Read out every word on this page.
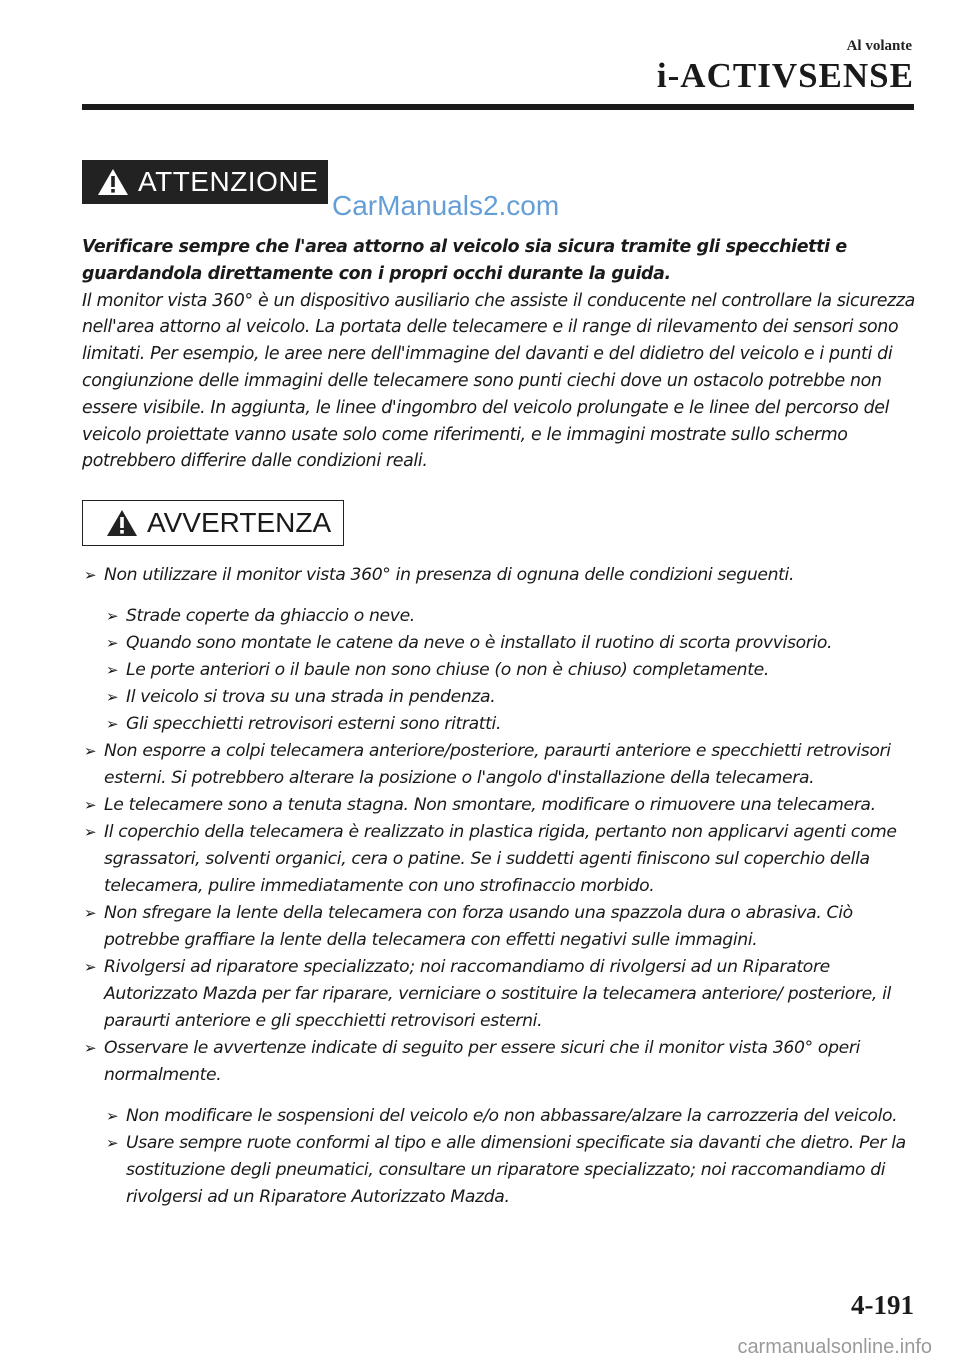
Al volante
i-ACTIVSENSE
ATTENZIONE
CarManuals2.com

Verificare sempre che l'area attorno al veicolo sia sicura tramite gli specchietti e guardandola direttamente con i propri occhi durante la guida.

Il monitor vista 360° è un dispositivo ausiliario che assiste il conducente nel controllare la sicurezza nell'area attorno al veicolo. La portata delle telecamere e il range di rilevamento dei sensori sono limitati. Per esempio, le aree nere dell'immagine del davanti e del didietro del veicolo e i punti di congiunzione delle immagini delle telecamere sono punti ciechi dove un ostacolo potrebbe non essere visibile. In aggiunta, le linee d'ingombro del veicolo prolungate e le linee del percorso del veicolo proiettate vanno usate solo come riferimenti, e le immagini mostrate sullo schermo potrebbero differire dalle condizioni reali.

AVVERTENZA
➢ Non utilizzare il monitor vista 360° in presenza di ognuna delle condizioni seguenti.
➢ Strade coperte da ghiaccio o neve.
➢ Quando sono montate le catene da neve o è installato il ruotino di scorta provvisorio.
➢ Le porte anteriori o il baule non sono chiuse (o non è chiuso) completamente.
➢ Il veicolo si trova su una strada in pendenza.
➢ Gli specchietti retrovisori esterni sono ritratti.
➢ Non esporre a colpi telecamera anteriore/posteriore, paraurti anteriore e specchietti retrovisori esterni. Si potrebbero alterare la posizione o l'angolo d'installazione della telecamera.
➢ Le telecamere sono a tenuta stagna. Non smontare, modificare o rimuovere una telecamera.
➢ Il coperchio della telecamera è realizzato in plastica rigida, pertanto non applicarvi agenti come sgrassatori, solventi organici, cera o patine. Se i suddetti agenti finiscono sul coperchio della telecamera, pulire immediatamente con uno strofinaccio morbido.
➢ Non sfregare la lente della telecamera con forza usando una spazzola dura o abrasiva. Ciò potrebbe graffiare la lente della telecamera con effetti negativi sulle immagini.
➢ Rivolgersi ad riparatore specializzato; noi raccomandiamo di rivolgersi ad un Riparatore Autorizzato Mazda per far riparare, verniciare o sostituire la telecamera anteriore/ posteriore, il paraurti anteriore e gli specchietti retrovisori esterni.
➢ Osservare le avvertenze indicate di seguito per essere sicuri che il monitor vista 360° operi normalmente.
➢ Non modificare le sospensioni del veicolo e/o non abbassare/alzare la carrozzeria del veicolo.
➢ Usare sempre ruote conformi al tipo e alle dimensioni specificate sia davanti che dietro. Per la sostituzione degli pneumatici, consultare un riparatore specializzato; noi raccomandiamo di rivolgersi ad un Riparatore Autorizzato Mazda.
4-191
carmanualsonline.info
